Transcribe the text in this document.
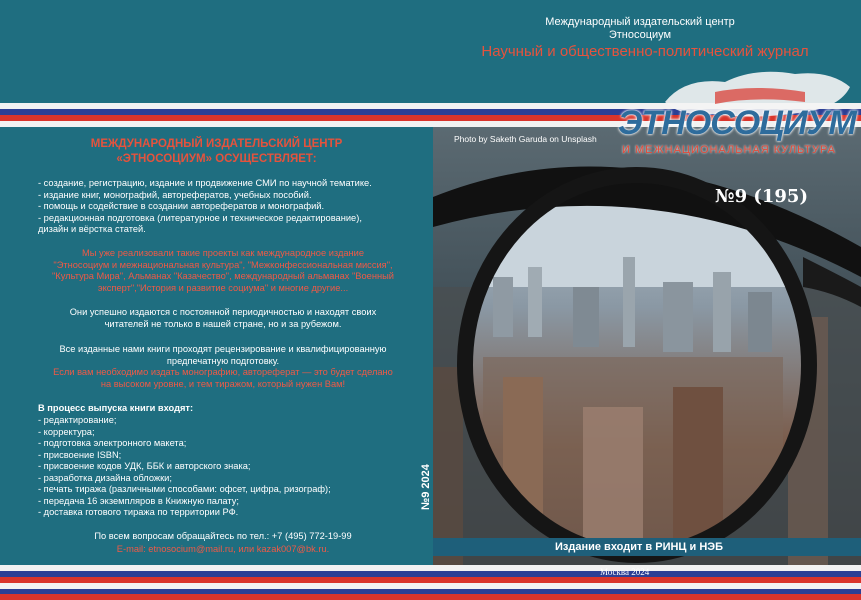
Международный издательский центр
Этносоциум
Научный и общественно-политический журнал
МЕЖДУНАРОДНЫЙ ИЗДАТЕЛЬСКИЙ ЦЕНТР
«ЭТНОСОЦИУМ» ОСУЩЕСТВЛЯЕТ:
- создание, регистрацию, издание и продвижение СМИ по научной тематике.
- издание книг, монографий, авторефератов, учебных пособий.
- помощь и содействие в создании авторефератов и монографий.
- редакционная подготовка (литературное и техническое редактирование),
дизайн и вёрстка статей.
Мы уже реализовали такие проекты как международное издание
"Этносоциум и межнациональная культура", "Межконфессиональная миссия",
"Культура Мира", Альманах "Казачество", международный альманах "Военный
эксперт","История и развитие социума" и многие другие...
Они успешно издаются с постоянной периодичностью и находят своих
читателей не только в нашей стране, но и за рубежом.
Все изданные нами книги проходят рецензирование и квалифицированную
предпечатную подготовку.
Если вам необходимо издать монографию, автореферат — это будет сделано
на высоком уровне, и тем тиражом, который нужен Вам!
В процесс выпуска книги входят:
- редактирование;
- корректура;
- подготовка электронного макета;
- присвоение ISBN;
- присвоение кодов УДК, ББК и авторского знака;
- разработка дизайна обложки;
- печать тиража (различными способами: офсет, цифра, ризограф);
- передача 16 экземпляров в Книжную палату;
- доставка готового тиража по территории РФ.
По всем вопросам обращайтесь по тел.: +7 (495) 772-19-99
E-mail: etnosocium@mail.ru, или kazak007@bk.ru.
ЭТНОСОЦИУМ
И МЕЖНАЦИОНАЛЬНАЯ КУЛЬТУРА
Photo by Saketh Garuda on Unsplash
№9 (195)
№9 2024
Издание входит в РИНЦ и НЭБ
Москва 2024
